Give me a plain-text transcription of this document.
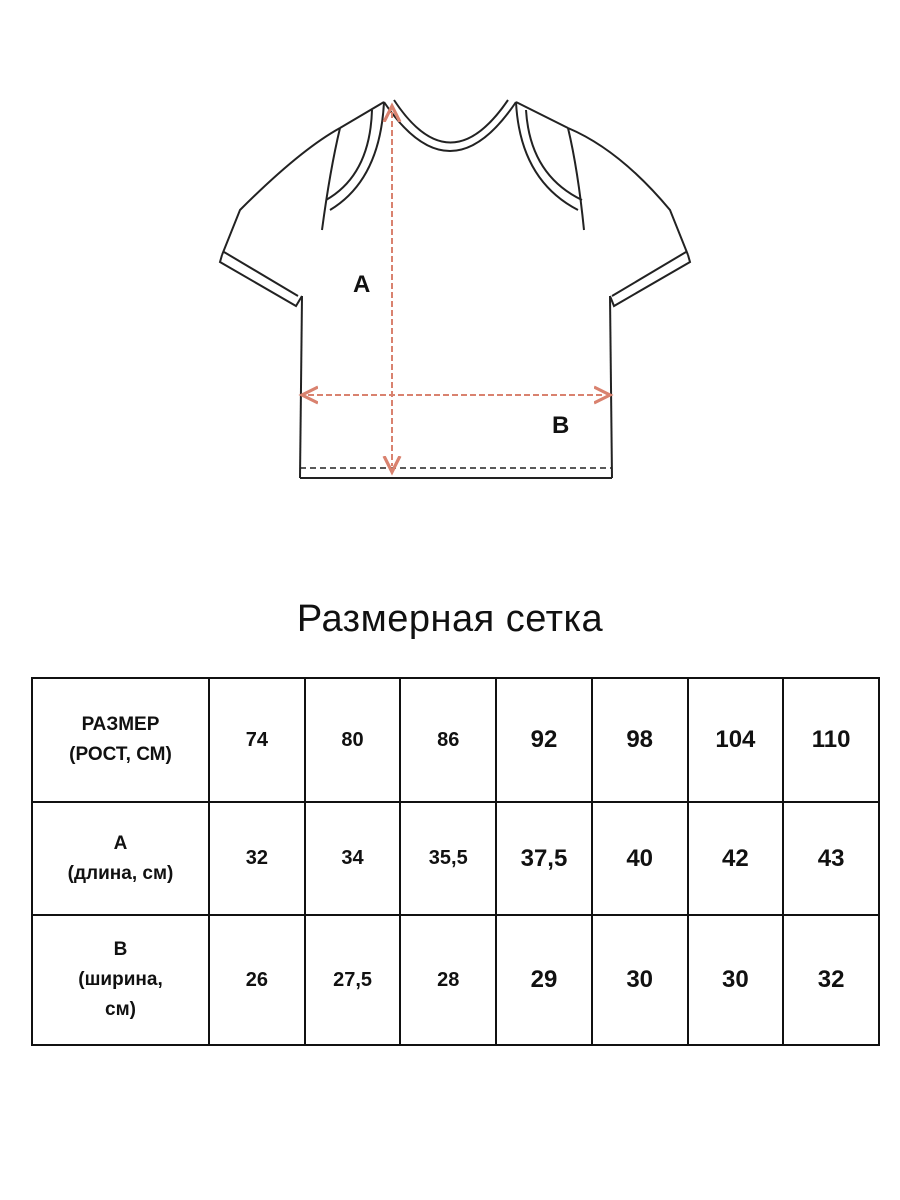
A
B
Размерная сетка
РАЗМЕР
(РОСТ, СМ)	74	80	86	92	98	104	110

A
(длина, см)	32	34	35,5	37,5	40	42	43

B
(ширина,
см)	26	27,5	28	29	30	30	32
